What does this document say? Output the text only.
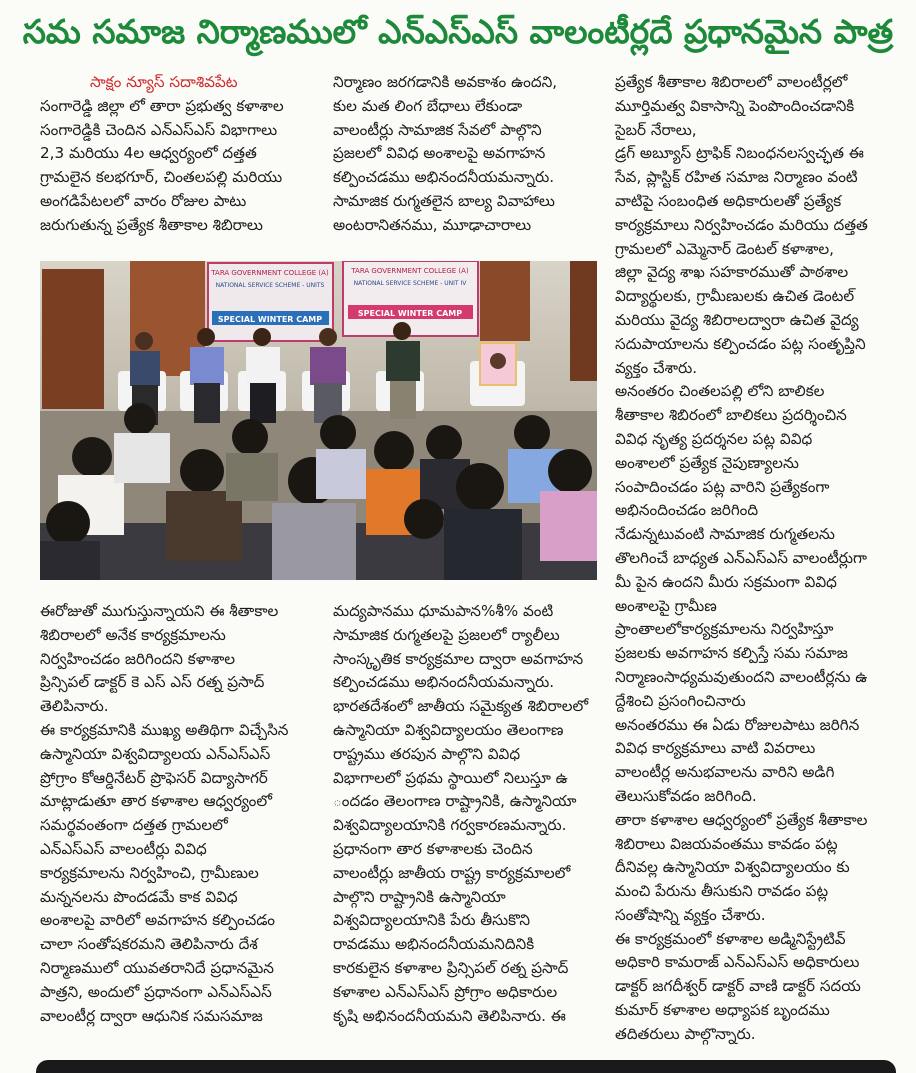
సమ సమాజ నిర్మాణములో ఎన్ఎస్ఎస్ వాలంటీర్లదే ప్రధానమైన పాత్ర

సాక్షం న్యూస్ సదాశివపేట

సంగారెడ్డి జిల్లా లో తారా ప్రభుత్వ కళాశాల

సంగారెడ్డికి చెందిన ఎన్ఎస్ఎస్ విభాగాలు

2,3 మరియు 4ల ఆధ్వర్యంలో దత్తత

గ్రామలైన కలభగూర్, చింతలపల్లి మరియు

అంగడిపేటలలో వారం రోజుల పాటు

జరుగుతున్న ప్రత్యేక శీతాకాల శిబిరాలు

నిర్మాణం జరగడానికి అవకాశం ఉందని,

కుల మత లింగ బేధాలు లేకుండా

వాలంటీర్లు సామాజిక సేవలో పాల్గొని

ప్రజలలో వివిధ అంశాలపై అవగాహన

కల్పించడము అభినందనీయమన్నారు.

సామాజిక రుగ్మతలైన బాల్య వివాహాలు

అంటరానితనము, మూఢాచారాలు

ప్రత్యేక శీతాకాల శిబిరాలలో వాలంటీర్లలో

మూర్తిమత్వ వికాసాన్ని పెంపొందించడానికి

సైబర్ నేరాలు,

డ్రగ్ అబ్యూస్ ట్రాఫిక్ నిబంధనలస్వచ్ఛత ఈ

సేవ, ప్లాస్టిక్ రహిత సమాజ నిర్మాణం వంటి

వాటిపై సంబంధిత అధికారులతో ప్రత్యేక

కార్యక్రమాలు నిర్వహించడం మరియు దత్తత

గ్రామలలో ఎమ్మెనార్ డెంటల్ కళాశాల,

జిల్లా వైద్య శాఖ సహకారముతో పాఠశాల

విద్యార్థులకు, గ్రామీణులకు ఉచిత డెంటల్

మరియు వైద్య శిబిరాలద్వారా ఉచిత వైద్య

సదుపాయాలను కల్పించడం పట్ల సంతృప్తిని

వ్యక్తం చేశారు.

అనంతరం చింతలపల్లి లోని బాలికల

శీతాకాల శిబిరంలో బాలికలు ప్రదర్శించిన

వివిధ నృత్య ప్రదర్శనల పట్ల వివిధ

అంశాలలో ప్రత్యేక నైపుణ్యాలను

సంపాదించడం పట్ల వారిని ప్రత్యేకంగా

అభినందించడం జరిగింది

నేడున్నటువంటి సామాజిక రుగ్మతలను

తొలగించే బాధ్యత ఎన్ఎస్ఎస్ వాలంటీర్లుగా

మీ పైన ఉందని మీరు సక్రమంగా వివిధ

అంశాలపై గ్రామీణ

ప్రాంతాలలోకార్యక్రమాలను నిర్వహిస్తూ

ప్రజలకు అవగాహన కల్పిస్తే సమ సమాజ

నిర్మాణంసాధ్యమవుతుందని వాలంటీర్లను ఉ

ద్దేశించి ప్రసంగించినారు

అనంతరము ఈ ఏడు రోజులపాటు జరిగిన

వివిధ కార్యక్రమాలు వాటి వివరాలు

వాలంటీర్ల అనుభవాలను వారిని అడిగి

తెలుసుకోవడం జరిగింది.

తారా కళాశాల ఆధ్వర్యంలో ప్రత్యేక శీతాకాల

శిబిరాలు విజయవంతము కావడం పట్ల

దీనివల్ల ఉస్మానియా విశ్వవిద్యాలయం కు

మంచి పేరును తీసుకుని రావడం పట్ల

సంతోషాన్ని వ్యక్తం చేశారు.

ఈ కార్యక్రమంలో కళాశాల అడ్మినిస్ట్రేటివ్

అధికారి కామరాజ్ ఎన్ఎస్ఎస్ అధికారులు

డాక్టర్ జగదీశ్వర్ డాక్టర్ వాణి డాక్టర్ సదయ

కుమార్ కళాశాల అధ్యాపక బృందము

తదితరులు పాల్గొన్నారు.

ఈరోజుతో ముగుస్తున్నాయని ఈ శీతాకాల

శిబిరాలలో అనేక కార్యక్రమాలను

నిర్వహించడం జరిగిందని కళాశాల

ప్రిన్సిపల్ డాక్టర్ కె ఎస్ ఎస్ రత్న ప్రసాద్

తెలిపినారు.

ఈ కార్యక్రమానికి ముఖ్య అతిథిగా విచ్చేసిన

ఉస్మానియా విశ్వవిద్యాలయ ఎన్ఎస్ఎస్

ప్రోగ్రాం కోఆర్డినేటర్ ప్రొఫెసర్ విద్యాసాగర్

మాట్లాడుతూ తార కళాశాల ఆధ్వర్యంలో

సమర్థవంతంగా దత్తత గ్రామలలో

ఎన్ఎస్ఎస్ వాలంటీర్లు వివిధ

కార్యక్రమాలను నిర్వహించి, గ్రామీణుల

మన్ననలను పొందడమే కాక వివిధ

అంశాలపై వారిలో అవగాహన కల్పించడం

చాలా సంతోషకరమని తెలిపినారు దేశ

నిర్మాణములో యువతరానిదే ప్రధానమైన

పాత్రని, అందులో ప్రధానంగా ఎన్ఎస్ఎస్

వాలంటీర్ల ద్వారా ఆధునిక సమసమాజ

మద్యపానము ధూమపాన%శీ% వంటి

సామాజిక రుగ్మతలపై ప్రజలలో ర్యాలీలు

సాంస్కృతిక కార్యక్రమాల ద్వారా అవగాహన

కల్పించడము అభినందనీయమన్నారు.

భారతదేశంలో జాతీయ సమైక్యత శిబిరాలలో

ఉస్మానియా విశ్వవిద్యాలయం తెలంగాణ

రాష్ట్రము తరపున పాల్గొని వివిధ

విభాగాలలో ప్రథమ స్థాయిలో నిలుస్తూ ఉ

ందడం తెలంగాణ రాష్ట్రానికి, ఉస్మానియా

విశ్వవిద్యాలయానికి గర్వకారణమన్నారు.

ప్రధానంగా తార కళాశాలకు చెందిన

వాలంటీర్లు జాతీయ రాష్ట్ర కార్యక్రమాలలో

పాల్గొని రాష్ట్రానికి ఉస్మానియా

విశ్వవిద్యాలయానికి పేరు తీసుకొని

రావడము అభినందనీయమనిదినికి

కారకులైన కళాశాల ప్రిన్సిపల్ రత్న ప్రసాద్

కళాశాల ఎన్ఎస్ఎస్ ప్రోగ్రాం అధికారుల

కృషి అభినందనీయమని తెలిపినారు. ఈ

TARA GOVERNMENT COLLEGE (A)
NATIONAL SERVICE SCHEME - UNITS
SPECIAL WINTER CAMP
TARA GOVERNMENT COLLEGE (A)
NATIONAL SERVICE SCHEME - UNIT IV
SPECIAL WINTER CAMP
